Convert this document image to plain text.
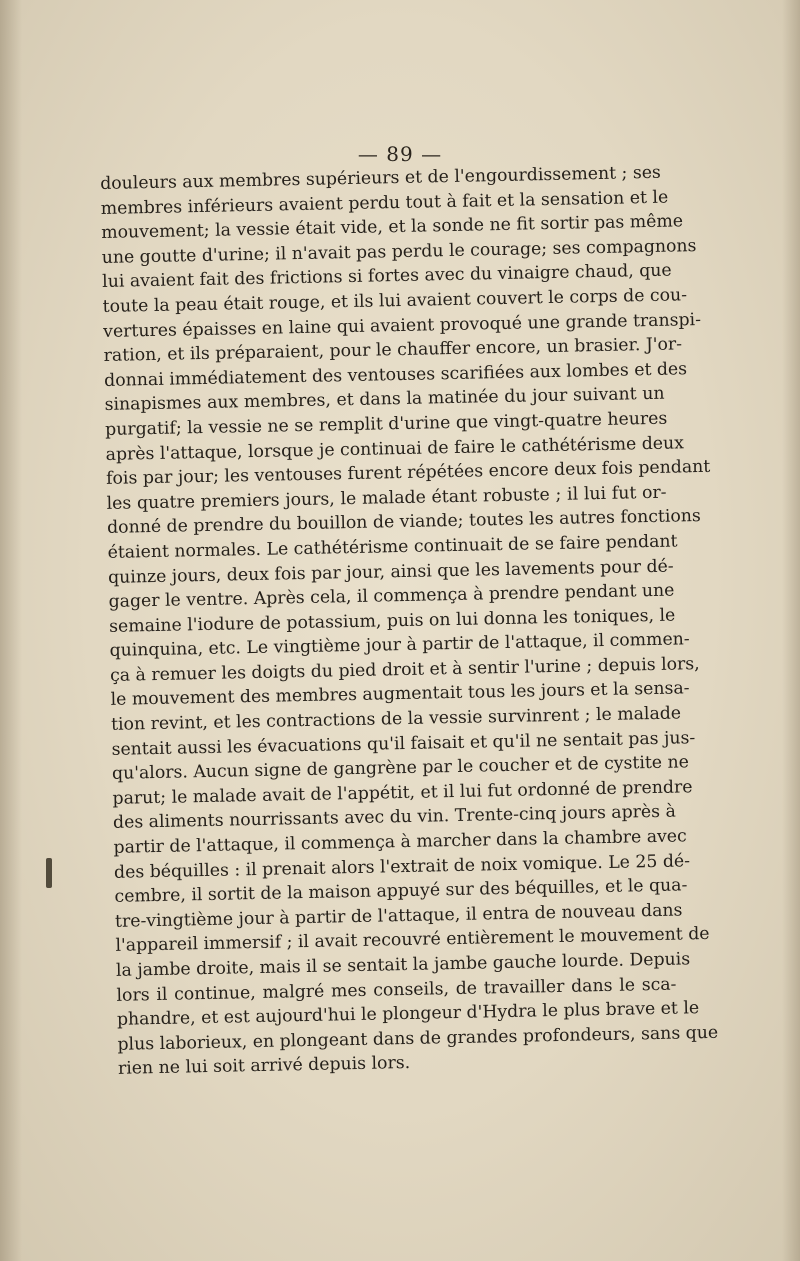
— 89 —
douleurs aux membres supérieurs et de l'engourdissement ; ses
membres inférieurs avaient perdu tout à fait et la sensation et le
mouvement; la vessie était vide, et la sonde ne fit sortir pas même
une goutte d'urine; il n'avait pas perdu le courage; ses compagnons
lui avaient fait des frictions si fortes avec du vinaigre chaud, que
toute la peau était rouge, et ils lui avaient couvert le corps de cou-
vertures épaisses en laine qui avaient provoqué une grande transpi-
ration, et ils préparaient, pour le chauffer encore, un brasier. J'or-
donnai immédiatement des ventouses scarifiées aux lombes et des
sinapismes aux membres, et dans la matinée du jour suivant un
purgatif; la vessie ne se remplit d'urine que vingt-quatre heures
après l'attaque, lorsque je continuai de faire le cathétérisme deux
fois par jour; les ventouses furent répétées encore deux fois pendant
les quatre premiers jours, le malade étant robuste ; il lui fut or-
donné de prendre du bouillon de viande; toutes les autres fonctions
étaient normales. Le cathétérisme continuait de se faire pendant
quinze jours, deux fois par jour, ainsi que les lavements pour dé-
gager le ventre. Après cela, il commença à prendre pendant une
semaine l'iodure de potassium, puis on lui donna les toniques, le
quinquina, etc. Le vingtième jour à partir de l'attaque, il commen-
ça à remuer les doigts du pied droit et à sentir l'urine ; depuis lors,
le mouvement des membres augmentait tous les jours et la sensa-
tion revint, et les contractions de la vessie survinrent ; le malade
sentait aussi les évacuations qu'il faisait et qu'il ne sentait pas jus-
qu'alors. Aucun signe de gangrène par le coucher et de cystite ne
parut; le malade avait de l'appétit, et il lui fut ordonné de prendre
des aliments nourrissants avec du vin. Trente-cinq jours après à
partir de l'attaque, il commença à marcher dans la chambre avec
des béquilles : il prenait alors l'extrait de noix vomique. Le 25 dé-
cembre, il sortit de la maison appuyé sur des béquilles, et le qua-
tre-vingtième jour à partir de l'attaque, il entra de nouveau dans
l'appareil immersif ; il avait recouvré entièrement le mouvement de
la jambe droite, mais il se sentait la jambe gauche lourde. Depuis
lors il continue, malgré mes conseils, de travailler dans le sca-
phandre, et est aujourd'hui le plongeur d'Hydra le plus brave et le
plus laborieux, en plongeant dans de grandes profondeurs, sans que
rien ne lui soit arrivé depuis lors.
